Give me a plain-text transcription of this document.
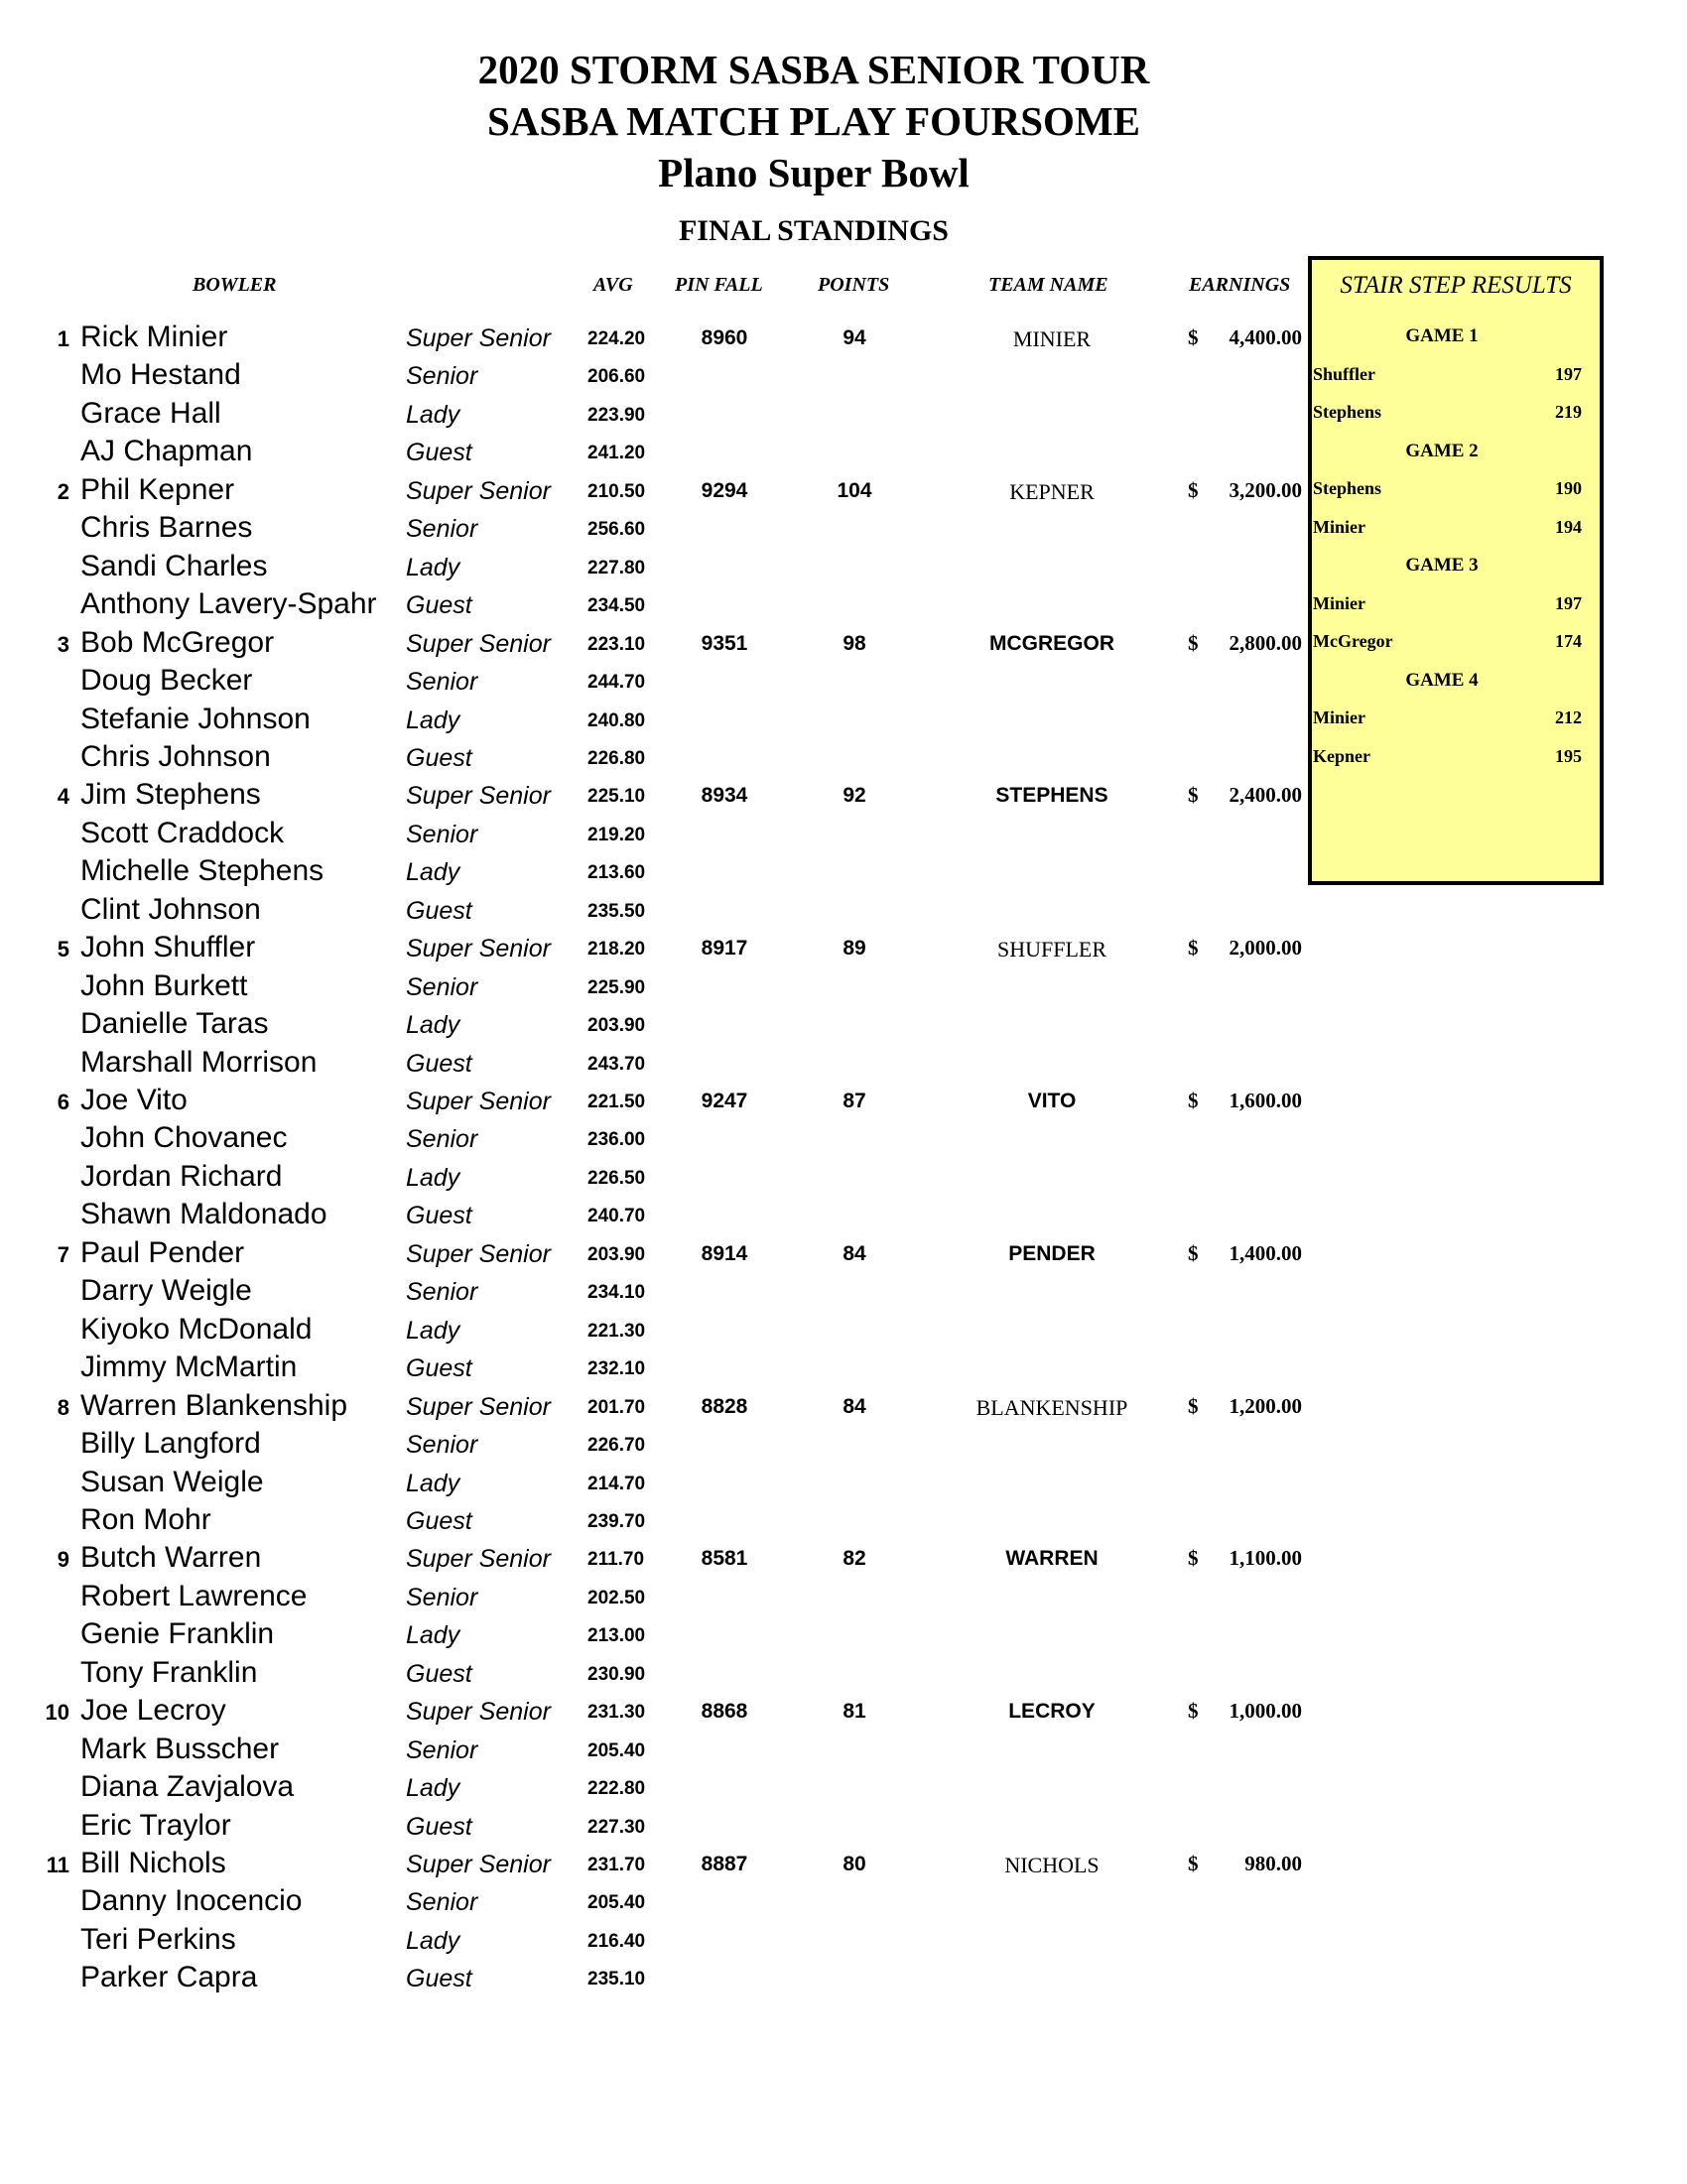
2020 STORM SASBA SENIOR TOUR
SASBA MATCH PLAY FOURSOME
Plano Super Bowl
FINAL STANDINGS
BOWLER	AVG PIN FALL	POINTS	TEAM NAME	EARNINGS	STAIR STEP RESULTS
GAME 1
Shuffler	197
Stephens	219
GAME 2
Stephens	190
Minier	194
GAME 3
Minier	197
McGregor	174
GAME 4
Minier	212
Kepner	195
1 Rick Minier	Super Senior 224.20	8960	94	MINIER	$ 4,400.00
Mo Hestand	Senior	206.60
Grace Hall	Lady	223.90
AJ Chapman	Guest	241.20
2 Phil Kepner	Super Senior 210.50	9294	104	KEPNER	$ 3,200.00
Chris Barnes	Senior	256.60
Sandi Charles	Lady	227.80
Anthony Lavery-Spahr Guest	234.50
3 Bob McGregor	Super Senior 223.10	9351	98	MCGREGOR	$ 2,800.00
Doug Becker	Senior	244.70
Stefanie Johnson	Lady	240.80
Chris Johnson	Guest	226.80
4 Jim Stephens	Super Senior 225.10	8934	92	STEPHENS	$ 2,400.00
Scott Craddock	Senior	219.20
Michelle Stephens	Lady	213.60
Clint Johnson	Guest	235.50
5 John Shuffler	Super Senior 218.20	8917	89	SHUFFLER	$ 2,000.00
John Burkett	Senior	225.90
Danielle Taras	Lady	203.90
Marshall Morrison	Guest	243.70
6 Joe Vito	Super Senior 221.50	9247	87	VITO	$ 1,600.00
John Chovanec	Senior	236.00
Jordan Richard	Lady	226.50
Shawn Maldonado	Guest	240.70
7 Paul Pender	Super Senior 203.90	8914	84	PENDER	$ 1,400.00
Darry Weigle	Senior	234.10
Kiyoko McDonald	Lady	221.30
Jimmy McMartin	Guest	232.10
8 Warren Blankenship Super Senior 201.70	8828	84	BLANKENSHIP	$ 1,200.00
Billy Langford	Senior	226.70
Susan Weigle	Lady	214.70
Ron Mohr	Guest	239.70
9 Butch Warren	Super Senior 211.70	8581	82	WARREN	$ 1,100.00
Robert Lawrence	Senior	202.50
Genie Franklin	Lady	213.00
Tony Franklin	Guest	230.90
10 Joe Lecroy	Super Senior 231.30	8868	81	LECROY	$ 1,000.00
Mark Busscher	Senior	205.40
Diana Zavjalova	Lady	222.80
Eric Traylor	Guest	227.30
11 Bill Nichols	Super Senior 231.70	8887	80	NICHOLS	$ 980.00
Danny Inocencio	Senior	205.40
Teri Perkins	Lady	216.40
Parker Capra	Guest	235.10
